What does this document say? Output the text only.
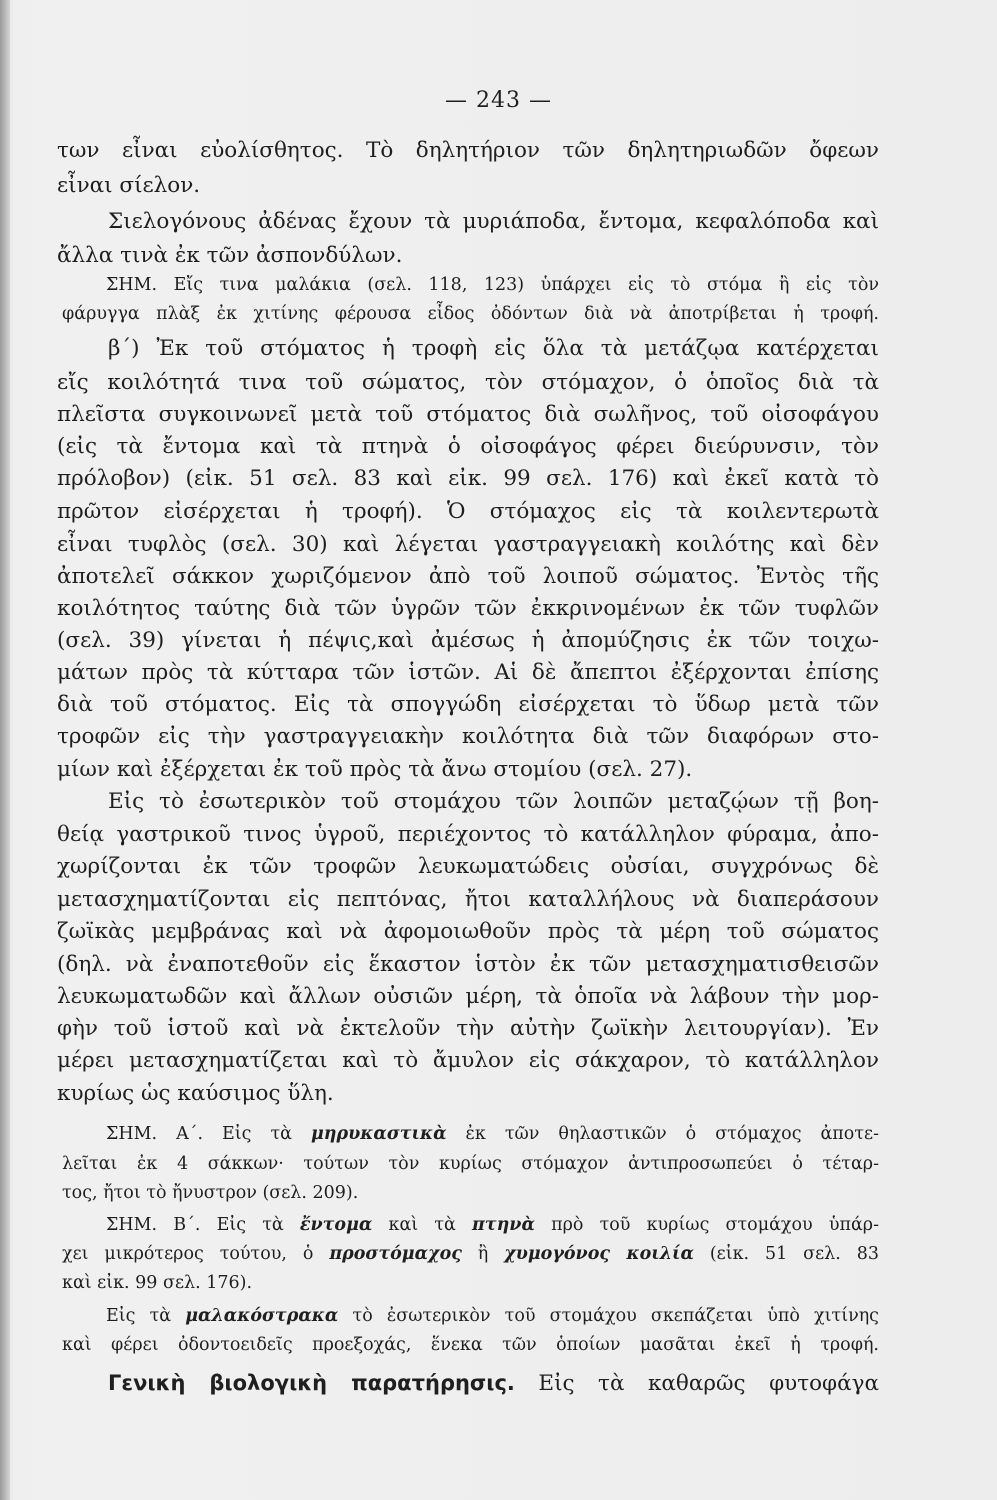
— 243 —
των εἶναι εὐολίσθητος. Τὸ δηλητήριον τῶν δηλητηριωδῶν ὄφεων
εἶναι σίελον.
Σιελογόνους ἀδένας ἔχουν τὰ μυριάποδα, ἔντομα, κεφαλόποδα καὶ
ἄλλα τινὰ ἐκ τῶν ἀσπονδύλων.
ΣΗΜ. Εἴς τινα μαλάκια (σελ. 118, 123) ὑπάρχει εἰς τὸ στόμα ἢ εἰς τὸν
φάρυγγα πλὰξ ἐκ χιτίνης φέρουσα εἶδος ὀδόντων διὰ νὰ ἀποτρίβεται ἡ τροφή.
β΄) Ἐκ τοῦ στόματος ἡ τροφὴ εἰς ὅλα τὰ μετάζῳα κατέρχεται
εἴς κοιλότητά τινα τοῦ σώματος, τὸν στόμαχον, ὁ ὁποῖος διὰ τὰ
πλεῖστα συγκοινωνεῖ μετὰ τοῦ στόματος διὰ σωλῆνος, τοῦ οἰσοφάγου
(εἰς τὰ ἔντομα καὶ τὰ πτηνὰ ὁ οἰσοφάγος φέρει διεύρυνσιν, τὸν
πρόλοβον) (εἰκ. 51 σελ. 83 καὶ εἰκ. 99 σελ. 176) καὶ ἐκεῖ κατὰ τὸ
πρῶτον εἰσέρχεται ἡ τροφή). Ὁ στόμαχος εἰς τὰ κοιλεντερωτὰ
εἶναι τυφλὸς (σελ. 30) καὶ λέγεται γαστραγγειακὴ κοιλότης καὶ δὲν
ἀποτελεῖ σάκκον χωριζόμενον ἀπὸ τοῦ λοιποῦ σώματος. Ἐντὸς τῆς
κοιλότητος ταύτης διὰ τῶν ὑγρῶν τῶν ἐκκρινομένων ἐκ τῶν τυφλῶν
(σελ. 39) γίνεται ἡ πέψις,καὶ ἀμέσως ἡ ἀπομύζησις ἐκ τῶν τοιχω-
μάτων πρὸς τὰ κύτταρα τῶν ἱστῶν. Αἱ δὲ ἄπεπτοι ἐξέρχονται ἐπίσης
διὰ τοῦ στόματος. Εἰς τὰ σπογγώδη εἰσέρχεται τὸ ὕδωρ μετὰ τῶν
τροφῶν εἰς τὴν γαστραγγειακὴν κοιλότητα διὰ τῶν διαφόρων στο-
μίων καὶ ἐξέρχεται ἐκ τοῦ πρὸς τὰ ἄνω στομίου (σελ. 27).
Εἰς τὸ ἐσωτερικὸν τοῦ στομάχου τῶν λοιπῶν μεταζῴων τῇ βοη-
θείᾳ γαστρικοῦ τινος ὑγροῦ, περιέχοντος τὸ κατάλληλον φύραμα, ἀπο-
χωρίζονται ἐκ τῶν τροφῶν λευκωματώδεις οὐσίαι, συγχρόνως δὲ
μετασχηματίζονται εἰς πεπτόνας, ἤτοι καταλλήλους νὰ διαπεράσουν
ζωϊκὰς μεμβράνας καὶ νὰ ἀφομοιωθοῦν πρὸς τὰ μέρη τοῦ σώματος
(δηλ. νὰ ἐναποτεθοῦν εἰς ἕκαστον ἱστὸν ἐκ τῶν μετασχηματισθεισῶν
λευκωματωδῶν καὶ ἄλλων οὐσιῶν μέρη, τὰ ὁποῖα νὰ λάβουν τὴν μορ-
φὴν τοῦ ἱστοῦ καὶ νὰ ἐκτελοῦν τὴν αὐτὴν ζωϊκὴν λειτουργίαν). Ἐν
μέρει μετασχηματίζεται καὶ τὸ ἄμυλον εἰς σάκχαρον, τὸ κατάλληλον
κυρίως ὡς καύσιμος ὕλη.
ΣΗΜ. Α΄. Εἰς τὰ μηρυκαστικὰ ἐκ τῶν θηλαστικῶν ὁ στόμαχος ἀποτε-
λεῖται ἐκ 4 σάκκων· τούτων τὸν κυρίως στόμαχον ἀντιπροσωπεύει ὁ τέταρ-
τος, ἤτοι τὸ ἤνυστρον (σελ. 209).
ΣΗΜ. Β΄. Εἰς τὰ ἔντομα καὶ τὰ πτηνὰ πρὸ τοῦ κυρίως στομάχου ὑπάρ-
χει μικρότερος τούτου, ὁ προστόμαχος ἢ χυμογόνος κοιλία (εἰκ. 51 σελ. 83
καὶ εἰκ. 99 σελ. 176).
Εἰς τὰ μαλακόστρακα τὸ ἐσωτερικὸν τοῦ στομάχου σκεπάζεται ὑπὸ χιτίνης
καὶ φέρει ὀδοντοειδεῖς προεξοχάς, ἕνεκα τῶν ὁποίων μασᾶται ἐκεῖ ἡ τροφή.
Γενικὴ βιολογικὴ παρατήρησις. Εἰς τὰ καθαρῶς φυτοφάγα
